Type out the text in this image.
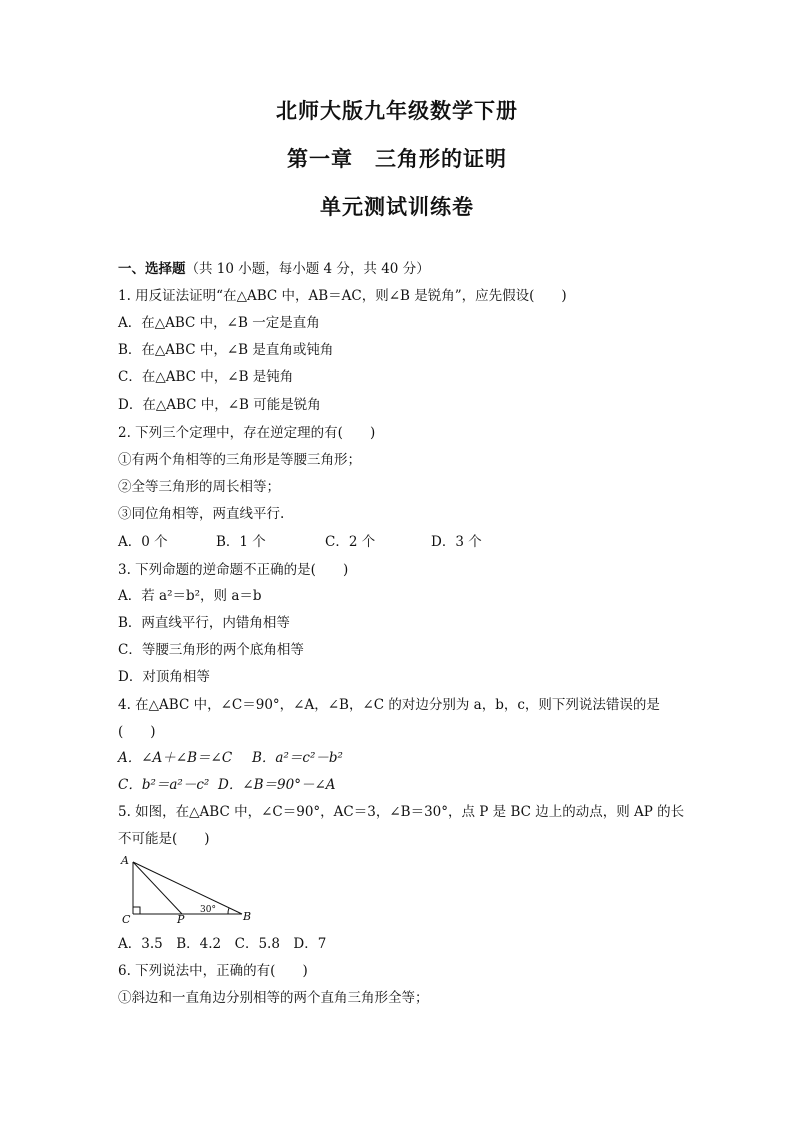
北师大版九年级数学下册
第一章　三角形的证明
单元测试训练卷
一、选择题（共 10 小题，每小题 4 分，共 40 分）
1. 用反证法证明“在△ABC 中，AB＝AC，则∠B 是锐角”，应先假设(　　)
A．在△ABC 中，∠B 一定是直角
B．在△ABC 中，∠B 是直角或钝角
C．在△ABC 中，∠B 是钝角
D．在△ABC 中，∠B 可能是锐角
2. 下列三个定理中，存在逆定理的有(　　)
①有两个角相等的三角形是等腰三角形；
②全等三角形的周长相等；
③同位角相等，两直线平行.
A．0 个	B．1 个	C．2 个	D．3 个
3. 下列命题的逆命题不正确的是(　　)
A．若 a²＝b²，则 a＝b
B．两直线平行，内错角相等
C．等腰三角形的两个底角相等
D．对顶角相等
4. 在△ABC 中，∠C＝90°，∠A，∠B，∠C 的对边分别为 a，b，c，则下列说法错误的是
(　　)
A．∠A＋∠B＝∠C B．a²＝c²－b²
C．b²＝a²－c² D．∠B＝90°－∠A
5. 如图，在△ABC 中，∠C＝90°，AC＝3，∠B＝30°，点 P 是 BC 边上的动点，则 AP 的长
不可能是(　　)
A
C	P	B
30°
A．3.5　B．4.2　C．5.8　D．7
6. 下列说法中，正确的有(　　)
①斜边和一直角边分别相等的两个直角三角形全等；
